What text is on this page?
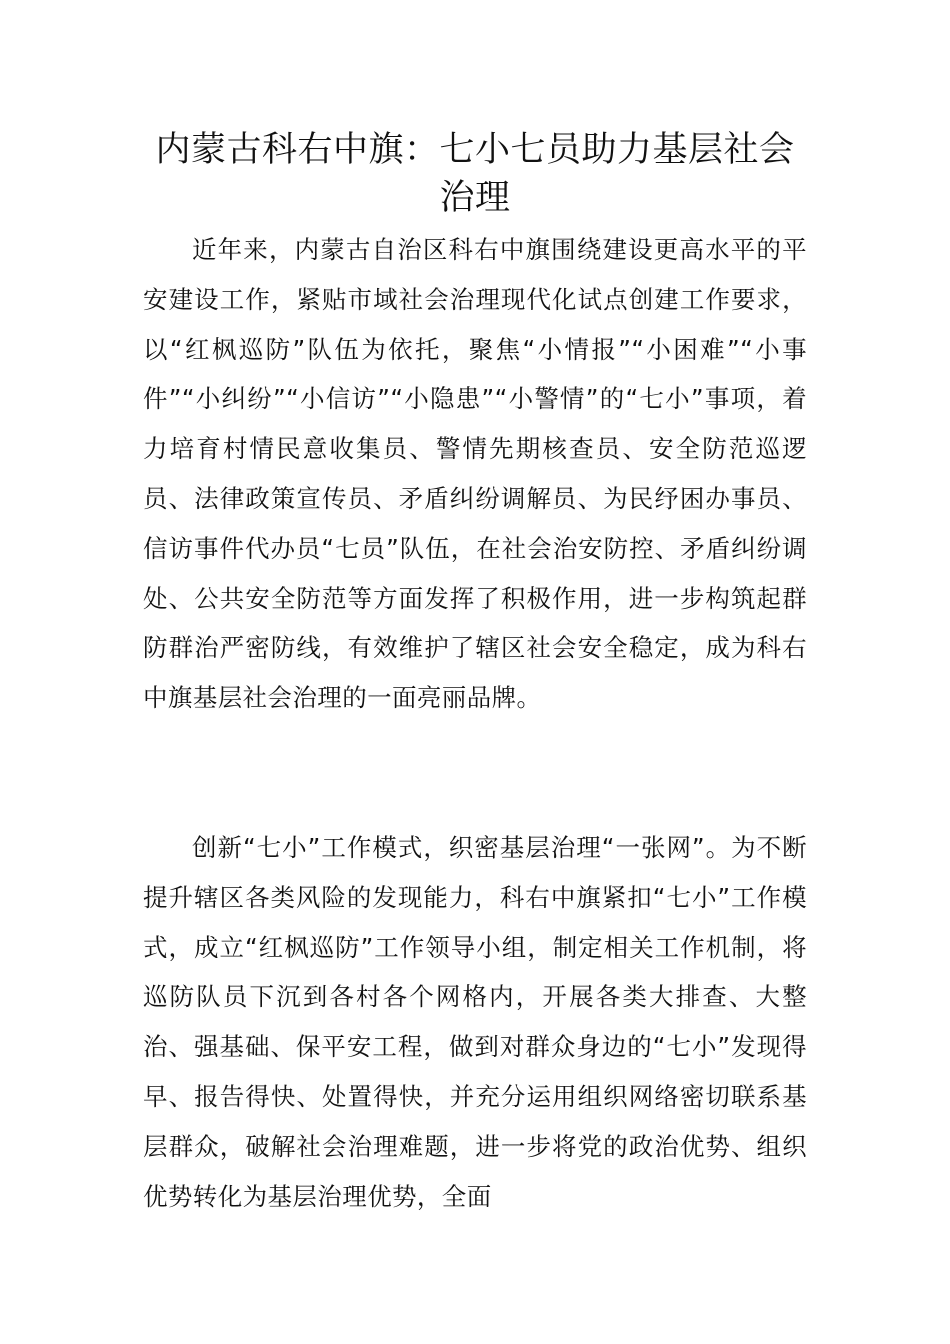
内蒙古科右中旗：七小七员助力基层社会治理

近年来，内蒙古自治区科右中旗围绕建设更高水平的平安建设工作，紧贴市域社会治理现代化试点创建工作要求，以“红枫巡防”队伍为依托，聚焦“小情报”“小困难”“小事件”“小纠纷”“小信访”“小隐患”“小警情”的“七小”事项，着力培育村情民意收集员、警情先期核查员、安全防范巡逻员、法律政策宣传员、矛盾纠纷调解员、为民纾困办事员、信访事件代办员“七员”队伍，在社会治安防控、矛盾纠纷调处、公共安全防范等方面发挥了积极作用，进一步构筑起群防群治严密防线，有效维护了辖区社会安全稳定，成为科右中旗基层社会治理的一面亮丽品牌。

创新“七小”工作模式，织密基层治理“一张网”。为不断提升辖区各类风险的发现能力，科右中旗紧扣“七小”工作模式，成立“红枫巡防”工作领导小组，制定相关工作机制，将巡防队员下沉到各村各个网格内，开展各类大排查、大整治、强基础、保平安工程，做到对群众身边的“七小”发现得早、报告得快、处置得快，并充分运用组织网络密切联系基层群众，破解社会治理难题，进一步将党的政治优势、组织优势转化为基层治理优势，全面
